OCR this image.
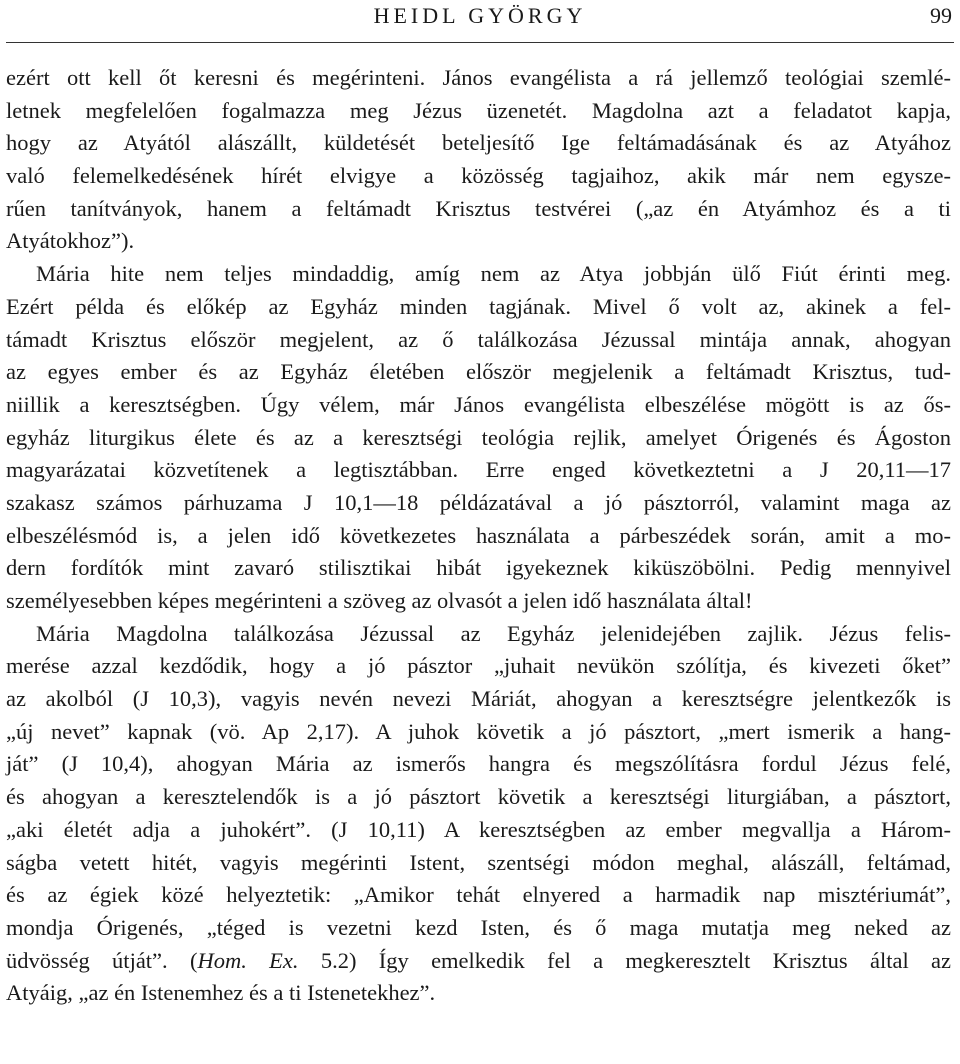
HEIDL GYÖRGY	99
ezért ott kell őt keresni és megérinteni. János evangélista a rá jellemző teológiai szemlé-
letnek megfelelően fogalmazza meg Jézus üzenetét. Magdolna azt a feladatot kapja,
hogy az Atyától alászállt, küldetését beteljesítő Ige feltámadásának és az Atyához
való felemelkedésének hírét elvigye a közösség tagjaihoz, akik már nem egysze-
rűen tanítványok, hanem a feltámadt Krisztus testvérei („az én Atyámhoz és a ti
Atyátokhoz”).
Mária hite nem teljes mindaddig, amíg nem az Atya jobbján ülő Fiút érinti meg.
Ezért példa és előkép az Egyház minden tagjának. Mivel ő volt az, akinek a fel-
támadt Krisztus először megjelent, az ő találkozása Jézussal mintája annak, ahogyan
az egyes ember és az Egyház életében először megjelenik a feltámadt Krisztus, tud-
niillik a keresztségben. Úgy vélem, már János evangélista elbeszélése mögött is az ős-
egyház liturgikus élete és az a keresztségi teológia rejlik, amelyet Órigenés és Ágoston
magyarázatai közvetítenek a legtisztábban. Erre enged következtetni a J 20,11—17
szakasz számos párhuzama J 10,1—18 példázatával a jó pásztorról, valamint maga az
elbeszélésmód is, a jelen idő következetes használata a párbeszédek során, amit a mo-
dern fordítók mint zavaró stilisztikai hibát igyekeznek kiküszöbölni. Pedig mennyivel
személyesebben képes megérinteni a szöveg az olvasót a jelen idő használata által!
Mária Magdolna találkozása Jézussal az Egyház jelenidejében zajlik. Jézus felis-
merése azzal kezdődik, hogy a jó pásztor „juhait nevükön szólítja, és kivezeti őket”
az akolból (J 10,3), vagyis nevén nevezi Máriát, ahogyan a keresztségre jelentkezők is
„új nevet” kapnak (vö. Ap 2,17). A juhok követik a jó pásztort, „mert ismerik a hang-
ját” (J 10,4), ahogyan Mária az ismerős hangra és megszólításra fordul Jézus felé,
és ahogyan a keresztelendők is a jó pásztort követik a keresztségi liturgiában, a pásztort,
„aki életét adja a juhokért”. (J 10,11) A keresztségben az ember megvallja a Három-
ságba vetett hitét, vagyis megérinti Istent, szentségi módon meghal, alászáll, feltámad,
és az égiek közé helyeztetik: „Amikor tehát elnyered a harmadik nap misztériumát”,
mondja Órigenés, „téged is vezetni kezd Isten, és ő maga mutatja meg neked az
üdvösség útját”. (Hom. Ex. 5.2) Így emelkedik fel a megkeresztelt Krisztus által az
Atyáig, „az én Istenemhez és a ti Istenetekhez”.
